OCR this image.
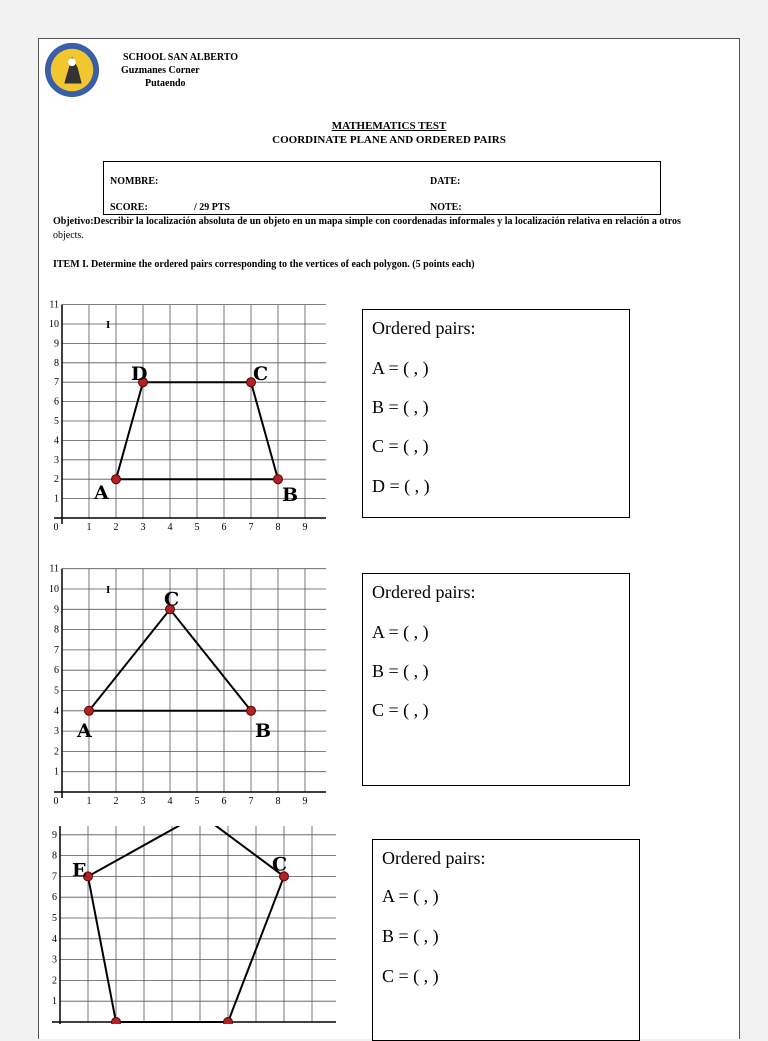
SCHOOL SAN ALBERTO
Guzmanes Corner
Putaendo
MATHEMATICS TEST
COORDINATE PLANE AND ORDERED PAIRS
NOMBRE:	DATE:
SCORE:	/ 29 PTS	NOTE:
Objetivo:Describir la localización absoluta de un objeto en un mapa simple con coordenadas informales y la localización relativa en relación a otros
objects.
ITEM I. Determine the ordered pairs corresponding to the vertices of each polygon. (5 points each)
1
2
3
4
5
6
7
8
9
10
11
0	1 2 3 4 5 6 7 8 9
I
A	B
C
D
Ordered pairs:
A = ( , )
B = ( , )
C = ( , )
D = ( , )
1
2
3
4
5
6
7
8
9
10
11
0	1 2 3 4 5 6 7 8 9
I
A	B
C	Ordered pairs:
A = ( , )
B = ( , )
C = ( , )
1
2
3
4
5
6
7
8
9
C
E
Ordered pairs:
A = ( , )
B = ( , )
C = ( , )
